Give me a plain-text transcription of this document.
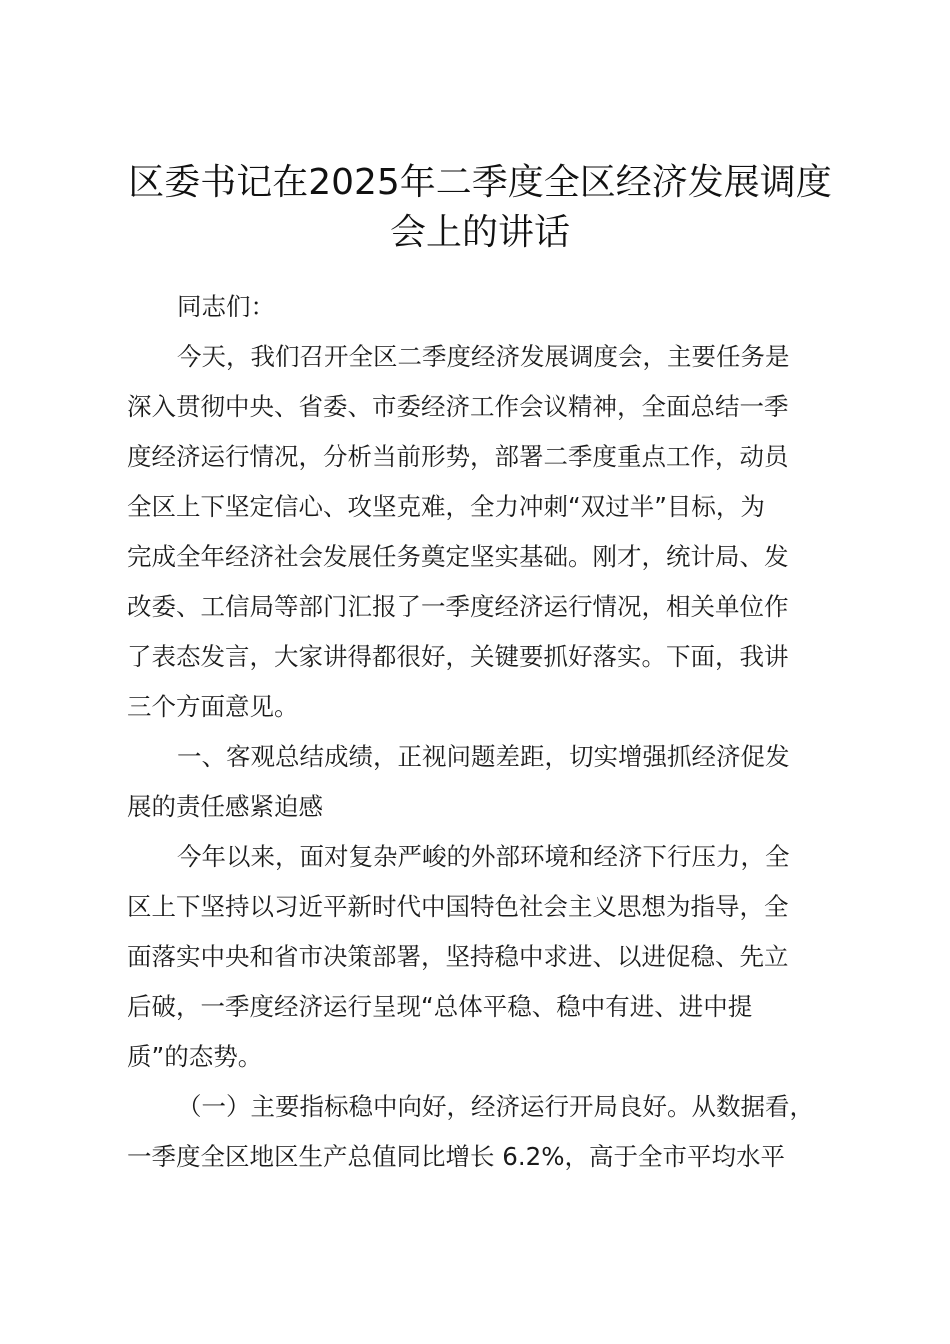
区委书记在2025年二季度全区经济发展调度
会上的讲话
同志们：
今天，我们召开全区二季度经济发展调度会，主要任务是
深入贯彻中央、省委、市委经济工作会议精神，全面总结一季
度经济运行情况，分析当前形势，部署二季度重点工作，动员
全区上下坚定信心、攻坚克难，全力冲刺“双过半”目标，为
完成全年经济社会发展任务奠定坚实基础。刚才，统计局、发
改委、工信局等部门汇报了一季度经济运行情况，相关单位作
了表态发言，大家讲得都很好，关键要抓好落实。下面，我讲
三个方面意见。
一、客观总结成绩，正视问题差距，切实增强抓经济促发
展的责任感紧迫感
今年以来，面对复杂严峻的外部环境和经济下行压力，全
区上下坚持以习近平新时代中国特色社会主义思想为指导，全
面落实中央和省市决策部署，坚持稳中求进、以进促稳、先立
后破，一季度经济运行呈现“总体平稳、稳中有进、进中提
质”的态势。
（一）主要指标稳中向好，经济运行开局良好。从数据看，
一季度全区地区生产总值同比增长 6.2%，高于全市平均水平
